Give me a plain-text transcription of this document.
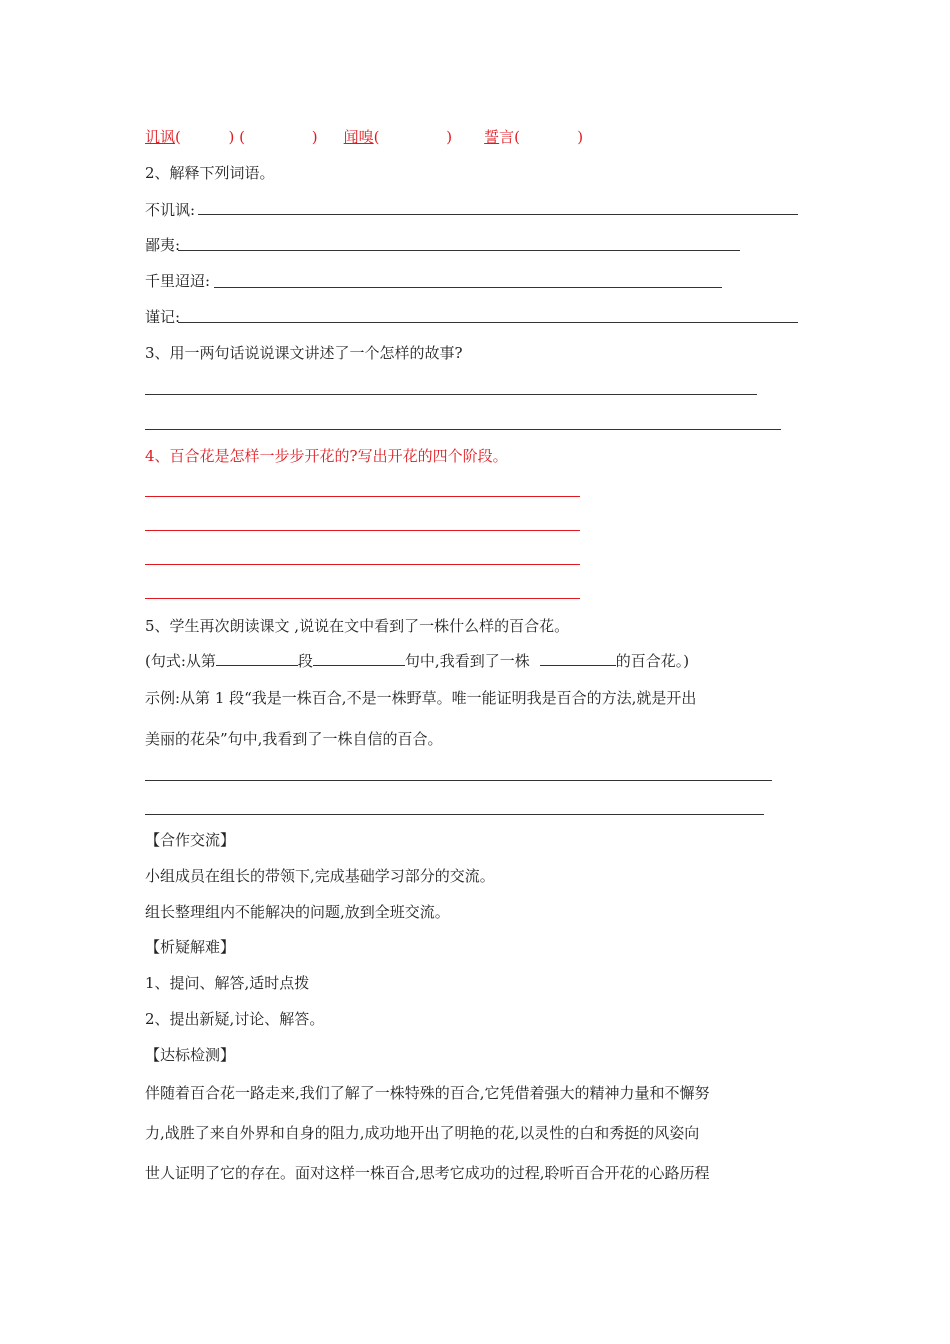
讥讽(          ) (              ) 闻嗅(              ) 誓言(            )
2、解释下列词语。
不讥讽:
鄙夷:
千里迢迢:
谨记:
3、用一两句话说说课文讲述了一个怎样的故事?
4、百合花是怎样一步步开花的?写出开花的四个阶段。
5、学生再次朗读课文 ,说说在文中看到了一株什么样的百合花。
(句式:从第	段	句中,我看到了一株	的百合花。)
示例:从第 1 段“我是一株百合,不是一株野草。唯一能证明我是百合的方法,就是开出
美丽的花朵”句中,我看到了一株自信的百合。
【合作交流】
小组成员在组长的带领下,完成基础学习部分的交流。
组长整理组内不能解决的问题,放到全班交流。
【析疑解难】
1、提问、解答,适时点拨
2、提出新疑,讨论、解答。
【达标检测】
伴随着百合花一路走来,我们了解了一株特殊的百合,它凭借着强大的精神力量和不懈努
力,战胜了来自外界和自身的阻力,成功地开出了明艳的花,以灵性的白和秀挺的风姿向
世人证明了它的存在。面对这样一株百合,思考它成功的过程,聆听百合开花的心路历程
